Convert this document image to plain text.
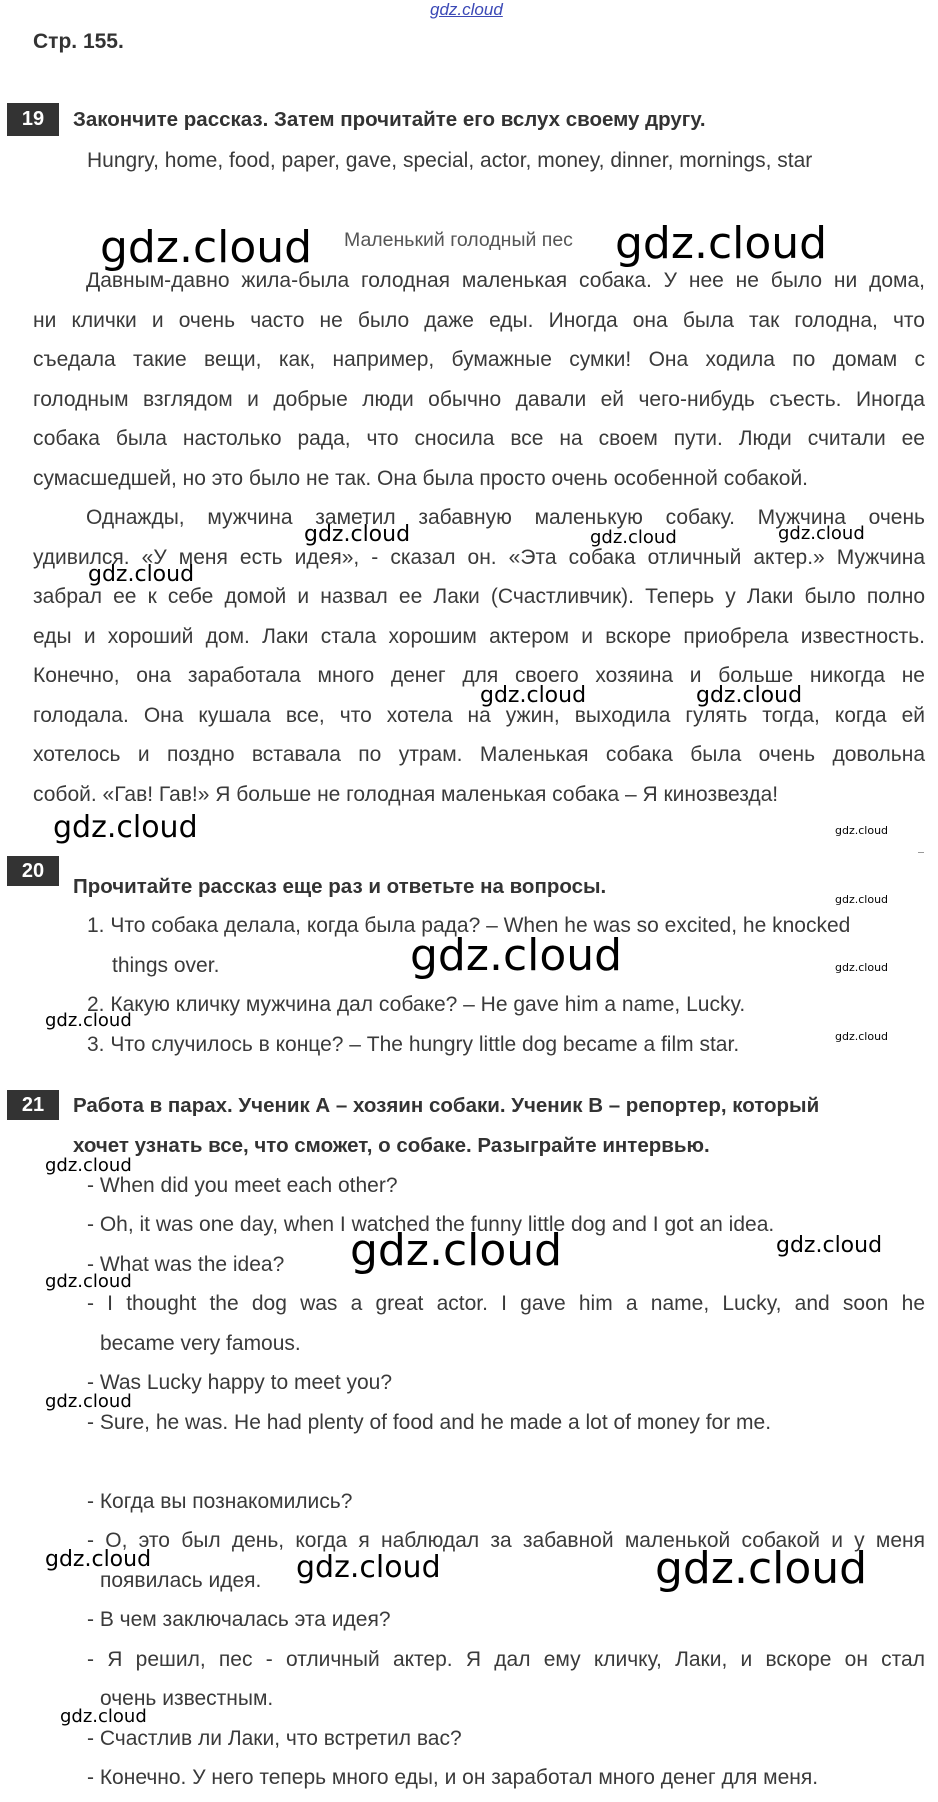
gdz.cloud
Стр. 155.
19	Закончите рассказ. Затем прочитайте его вслух своему другу.
Hungry, home, food, paper, gave, special, actor, money, dinner, mornings, star
Маленький голодный пес
Давным-давно жила-была голодная маленькая собака. У нее не было ни дома,
ни клички и очень часто не было даже еды. Иногда она была так голодна, что
съедала такие вещи, как, например, бумажные сумки! Она ходила по домам с
голодным взглядом и добрые люди обычно давали ей чего-нибудь съесть. Иногда
собака была настолько рада, что сносила все на своем пути. Люди считали ее
сумасшедшей, но это было не так. Она была просто очень особенной собакой.
Однажды, мужчина заметил забавную маленькую собаку. Мужчина очень
удивился. «У меня есть идея», - сказал он. «Эта собака отличный актер.» Мужчина
забрал ее к себе домой и назвал ее Лаки (Счастливчик). Теперь у Лаки было полно
еды и хороший дом. Лаки стала хорошим актером и вскоре приобрела известность.
Конечно, она заработала много денег для своего хозяина и больше никогда не
голодала. Она кушала все, что хотела на ужин, выходила гулять тогда, когда ей
хотелось и поздно вставала по утрам. Маленькая собака была очень довольна
собой. «Гав! Гав!» Я больше не голодная маленькая собака – Я кинозвезда!
20
Прочитайте рассказ еще раз и ответьте на вопросы.
1. Что собака делала, когда была рада? – When he was so excited, he knocked
things over.
2. Какую кличку мужчина дал собаке? – He gave him a name, Lucky.
3. Что случилось в конце? – The hungry little dog became a film star.
21	Работа в парах. Ученик А – хозяин собаки. Ученик В – репортер, который
хочет узнать все, что сможет, о собаке. Разыграйте интервью.
- When did you meet each other?
- Oh, it was one day, when I watched the funny little dog and I got an idea.
- What was the idea?
- I thought the dog was a great actor. I gave him a name, Lucky, and soon he
became very famous.
- Was Lucky happy to meet you?
- Sure, he was. He had plenty of food and he made a lot of money for me.
- Когда вы познакомились?
- О, это был день, когда я наблюдал за забавной маленькой собакой и у меня
появилась идея.
- В чем заключалась эта идея?
- Я решил, пес - отличный актер. Я дал ему кличку, Лаки, и вскоре он стал
очень известным.
- Счастлив ли Лаки, что встретил вас?
- Конечно. У него теперь много еды, и он заработал много денег для меня.
gdz.cloud	gdz.cloud
gdz.cloud	gdz.cloud	gdz.cloud
gdz.cloud
gdz.cloud	gdz.cloud
gdz.cloud	gdz.cloud
gdz.cloud
gdz.cloud	gdz.cloud
gdz.cloud
gdz.cloud
gdz.cloud
gdz.cloud	gdz.cloud
gdz.cloud
gdz.cloud
gdz.cloud	gdz.cloud	gdz.cloud
gdz.cloud
